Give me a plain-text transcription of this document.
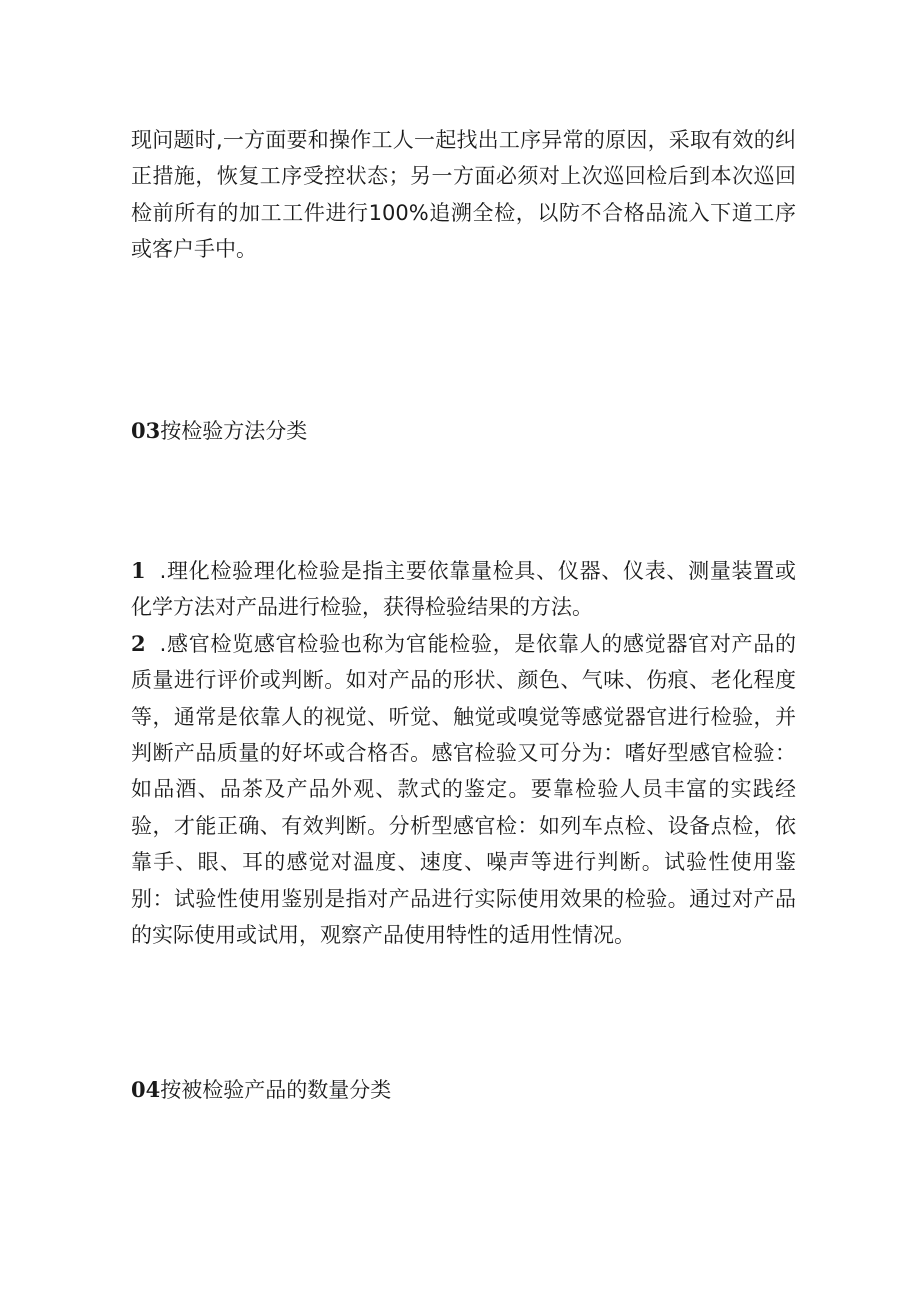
现问题时,一方面要和操作工人一起找出工序异常的原因，采取有效的纠正措施，恢复工序受控状态；另一方面必须对上次巡回检后到本次巡回检前所有的加工工件进行100%追溯全检，以防不合格品流入下道工序或客户手中。

03按检验方法分类

1 .理化检验理化检验是指主要依靠量检具、仪器、仪表、测量装置或化学方法对产品进行检验，获得检验结果的方法。

2 .感官检览感官检验也称为官能检验，是依靠人的感觉器官对产品的质量进行评价或判断。如对产品的形状、颜色、气味、伤痕、老化程度等，通常是依靠人的视觉、听觉、触觉或嗅觉等感觉器官进行检验，并判断产品质量的好坏或合格否。感官检验又可分为：嗜好型感官检验：如品酒、品茶及产品外观、款式的鉴定。要靠检验人员丰富的实践经验，才能正确、有效判断。分析型感官检：如列车点检、设备点检，依靠手、眼、耳的感觉对温度、速度、噪声等进行判断。试验性使用鉴别：试验性使用鉴别是指对产品进行实际使用效果的检验。通过对产品的实际使用或试用，观察产品使用特性的适用性情况。

04按被检验产品的数量分类
